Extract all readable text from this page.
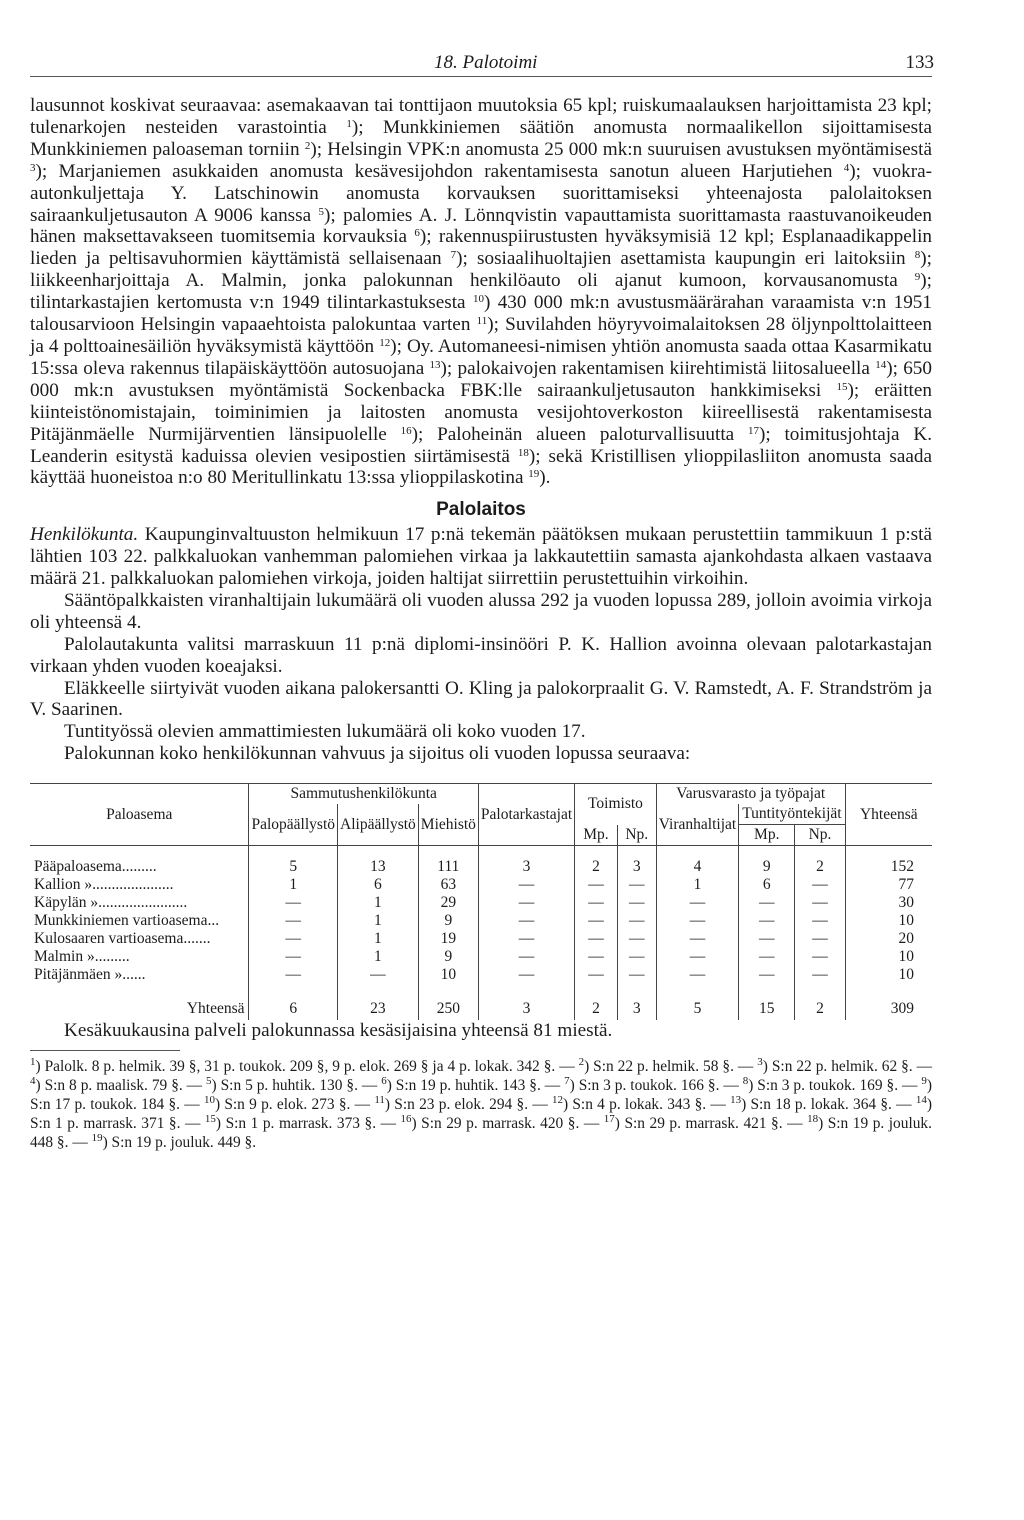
18. Palotoimi	133

lausunnot koskivat seuraavaa: asemakaavan tai tonttijaon muutoksia 65 kpl; ruiskumaalauksen harjoittamista 23 kpl; tulenarkojen nesteiden varastointia $^1$); Munkkiniemen säätiön anomusta normaalikellon sijoittamisesta Munkkiniemen paloaseman torniin $^2$); Helsingin VPK:n anomusta 25 000 mk:n suuruisen avustuksen myöntämisestä $^3$); Marjaniemen asukkaiden anomusta kesävesijohdon rakentamisesta sanotun alueen Harjutiehen $^4$); vuokra-autonkuljettaja Y. Latschinowin anomusta korvauksen suorittamiseksi yhteenajosta palolaitoksen sairaankuljetusauton A 9006 kanssa $^5$); palomies A. J. Lönnqvistin vapauttamista suorittamasta raastuvanoikeuden hänen maksettavakseen tuomitsemia korvauksia $^6$); rakennuspiirustusten hyväksymisiä 12 kpl; Esplanaadikappelin lieden ja peltisavuhormien käyttämistä sellaisenaan $^7$); sosiaalihuoltajien asettamista kaupungin eri laitoksiin $^8$); liikkeenharjoittaja A. Malmin, jonka palokunnan henkilöauto oli ajanut kumoon, korvausanomusta $^9$); tilintarkastajien kertomusta v:n 1949 tilintarkastuksesta $^{10}$) 430 000 mk:n avustusmäärärahan varaamista v:n 1951 talousarvioon Helsingin vapaaehtoista palokuntaa varten $^{11}$); Suvilahden höyryvoimalaitoksen 28 öljynpolttolaitteen ja 4 polttoainesäiliön hyväksymistä käyttöön $^{12}$); Oy. Automaneesi-nimisen yhtiön anomusta saada ottaa Kasarmikatu 15:ssa oleva rakennus tilapäiskäyttöön autosuojana $^{13}$); palokaivojen rakentamisen kiirehtimistä liitosalueella $^{14}$); 650 000 mk:n avustuksen myöntämistä Sockenbacka FBK:lle sairaankuljetusauton hankkimiseksi $^{15}$); eräitten kiinteistönomistajain, toiminimien ja laitosten anomusta vesijohtoverkoston kiireellisestä rakentamisesta Pitäjänmäelle Nurmijärventien länsipuolelle $^{16}$); Paloheinän alueen paloturvallisuutta $^{17}$); toimitusjohtaja K. Leanderin esitystä kaduissa olevien vesipostien siirtämisestä $^{18}$); sekä Kristillisen ylioppilasliiton anomusta saada käyttää huoneistoa n:o 80 Meritullinkatu 13:ssa ylioppilaskotina $^{19}$).

Palolaitos

Henkilökunta. Kaupunginvaltuuston helmikuun 17 p:nä tekemän päätöksen mukaan perustettiin tammikuun 1 p:stä lähtien 103 22. palkkaluokan vanhemman palomiehen virkaa ja lakkautettiin samasta ajankohdasta alkaen vastaava määrä 21. palkkaluokan palomiehen virkoja, joiden haltijat siirrettiin perustettuihin virkoihin.

Sääntöpalkkaisten viranhaltijain lukumäärä oli vuoden alussa 292 ja vuoden lopussa 289, jolloin avoimia virkoja oli yhteensä 4.

Palolautakunta valitsi marraskuun 11 p:nä diplomi-insinööri P. K. Hallion avoinna olevaan palotarkastajan virkaan yhden vuoden koeajaksi.

Eläkkeelle siirtyivät vuoden aikana palokersantti O. Kling ja palokorpraalit G. V. Ramstedt, A. F. Strandström ja V. Saarinen.

Tuntityössä olevien ammattimiesten lukumäärä oli koko vuoden 17.

Palokunnan koko henkilökunnan vahvuus ja sijoitus oli vuoden lopussa seuraava:

Paloasema	Sammutushenkilökunta			Palotarkastajat	Toimisto		Varusvarasto ja työpajat			Yhteensä
	Palopäällystö	Alipäällystö	Miehistö				Viranhaltijat	Tuntityöntekijät		
					Mp.	Np.		Mp.	Np.	
Pääpaloasema.........	5	13	111	3	2	3	4	9	2	152
Kallion ».....................	1	6	63	—	—	—	1	6	—	77
Käpylän ».......................	—	1	29	—	—	—	—	—	—	30
Munkkiniemen vartioasema...	—	1	9	—	—	—	—	—	—	10
Kulosaaren vartioasema.......	—	1	19	—	—	—	—	—	—	20
Malmin ».........	—	1	9	—	—	—	—	—	—	10
Pitäjänmäen »......	—	—	10	—	—	—	—	—	—	10
Yhteensä	6	23	250	3	2	3	5	15	2	309

Kesäkuukausina palveli palokunnassa kesäsijaisina yhteensä 81 miestä.

$^1$) Palolk. 8 p. helmik. 39 §, 31 p. toukok. 209 §, 9 p. elok. 269 § ja 4 p. lokak. 342 §. — $^2$) S:n 22 p. helmik. 58 §. — $^3$) S:n 22 p. helmik. 62 §. — $^4$) S:n 8 p. maalisk. 79 §. — $^5$) S:n 5 p. huhtik. 130 §. — $^6$) S:n 19 p. huhtik. 143 §. — $^7$) S:n 3 p. toukok. 166 §. — $^8$) S:n 3 p. toukok. 169 §. — $^9$) S:n 17 p. toukok. 184 §. — $^{10}$) S:n 9 p. elok. 273 §. — $^{11}$) S:n 23 p. elok. 294 §. — $^{12}$) S:n 4 p. lokak. 343 §. — $^{13}$) S:n 18 p. lokak. 364 §. — $^{14}$) S:n 1 p. marrask. 371 §. — $^{15}$) S:n 1 p. marrask. 373 §. — $^{16}$) S:n 29 p. marrask. 420 §. — $^{17}$) S:n 29 p. marrask. 421 §. — $^{18}$) S:n 19 p. jouluk. 448 §. — $^{19}$) S:n 19 p. jouluk. 449 §.
